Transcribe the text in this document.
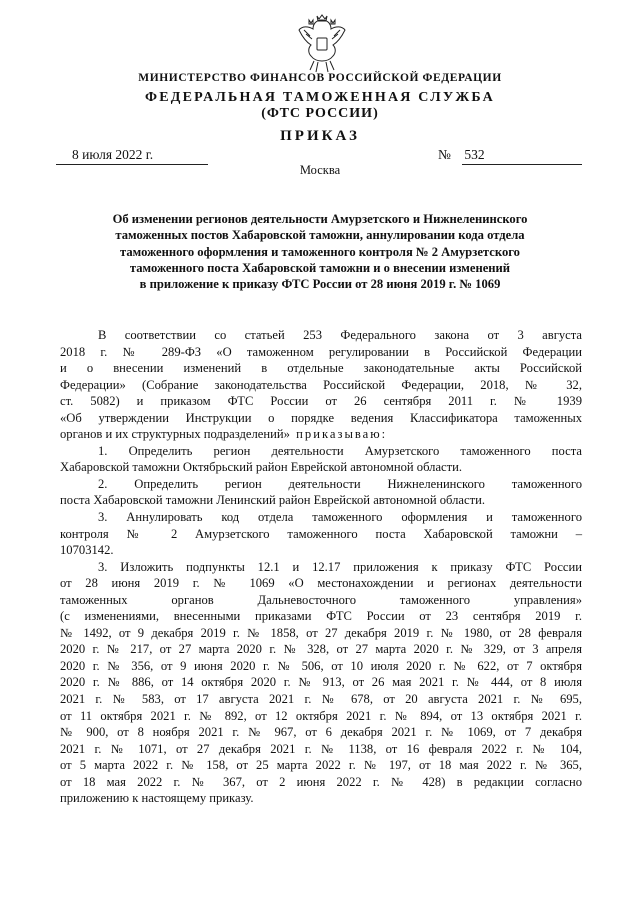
МИНИСТЕРСТВО ФИНАНСОВ РОССИЙСКОЙ ФЕДЕРАЦИИ
ФЕДЕРАЛЬНАЯ ТАМОЖЕННАЯ СЛУЖБА
(ФТС РОССИИ)
ПРИКАЗ
8 июля 2022 г.	№ 532
Москва
Об изменении регионов деятельности Амурзетского и Нижнеленинского
таможенных постов Хабаровской таможни, аннулировании кода отдела
таможенного оформления и таможенного контроля № 2 Амурзетского
таможенного поста Хабаровской таможни и о внесении изменений
в приложение к приказу ФТС России от 28 июня 2019 г. № 1069
В соответствии со статьей 253 Федерального закона от 3 августа
2018 г. № 289-ФЗ «О таможенном регулировании в Российской Федерации
и о внесении изменений в отдельные законодательные акты Российской
Федерации» (Собрание законодательства Российской Федерации, 2018, № 32,
ст. 5082) и приказом ФТС России от 26 сентября 2011 г. № 1939
«Об утверждении Инструкции о порядке ведения Классификатора таможенных
органов и их структурных подразделений» приказываю:
1. Определить регион деятельности Амурзетского таможенного поста
Хабаровской таможни Октябрьский район Еврейской автономной области.
2. Определить регион деятельности Нижнеленинского таможенного
поста Хабаровской таможни Ленинский район Еврейской автономной области.
3. Аннулировать код отдела таможенного оформления и таможенного
контроля № 2 Амурзетского таможенного поста Хабаровской таможни –
10703142.
3. Изложить подпункты 12.1 и 12.17 приложения к приказу ФТС России
от 28 июня 2019 г. № 1069 «О местонахождении и регионах деятельности
таможенных органов Дальневосточного таможенного управления»
(с изменениями, внесенными приказами ФТС России от 23 сентября 2019 г.
№ 1492, от 9 декабря 2019 г. № 1858, от 27 декабря 2019 г. № 1980, от 28 февраля
2020 г. № 217, от 27 марта 2020 г. № 328, от 27 марта 2020 г. № 329, от 3 апреля
2020 г. № 356, от 9 июня 2020 г. № 506, от 10 июля 2020 г. № 622, от 7 октября
2020 г. № 886, от 14 октября 2020 г. № 913, от 26 мая 2021 г. № 444, от 8 июля
2021 г. № 583, от 17 августа 2021 г. № 678, от 20 августа 2021 г. № 695,
от 11 октября 2021 г. № 892, от 12 октября 2021 г. № 894, от 13 октября 2021 г.
№ 900, от 8 ноября 2021 г. № 967, от 6 декабря 2021 г. № 1069, от 7 декабря
2021 г. № 1071, от 27 декабря 2021 г. № 1138, от 16 февраля 2022 г. № 104,
от 5 марта 2022 г. № 158, от 25 марта 2022 г. № 197, от 18 мая 2022 г. № 365,
от 18 мая 2022 г. № 367, от 2 июня 2022 г. № 428) в редакции согласно
приложению к настоящему приказу.
